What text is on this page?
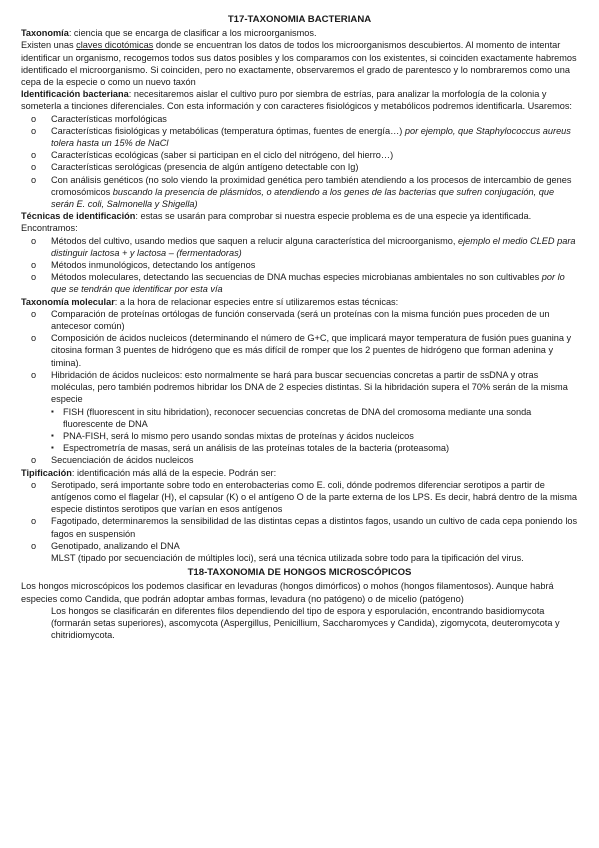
T17-TAXONOMIA BACTERIANA

Taxonomía: ciencia que se encarga de clasificar a los microorganismos.

Existen unas claves dicotómicas donde se encuentran los datos de todos los microorganismos descubiertos. Al momento de intentar identificar un organismo, recogemos todos sus datos posibles y los comparamos con los existentes, si coinciden exactamente habremos identificado el microorganismo. Si coinciden, pero no exactamente, observaremos el grado de parentesco y lo nombraremos como una cepa de la especie o como un nuevo taxón

Identificación bacteriana: necesitaremos aislar el cultivo puro por siembra de estrías, para analizar la morfología de la colonia y someterla a tinciones diferenciales. Con esta información y con caracteres fisiológicos y metabólicos podremos identificarla. Usaremos:

o Características morfológicas
o Características fisiológicas y metabólicas (temperatura óptimas, fuentes de energía…) por ejemplo, que Staphylococcus aureus tolera hasta un 15% de NaCl
o Características ecológicas (saber si participan en el ciclo del nitrógeno, del hierro…)
o Características serológicas (presencia de algún antígeno detectable con Ig)
o Con análisis genéticos (no solo viendo la proximidad genética pero también atendiendo a los procesos de intercambio de genes cromosómicos buscando la presencia de plásmidos, o atendiendo a los genes de las bacterias que sufren conjugación, que serán E. coli, Salmonella y Shigella)

Técnicas de identificación: estas se usarán para comprobar si nuestra especie problema es de una especie ya identificada. Encontramos:

o Métodos del cultivo, usando medios que saquen a relucir alguna característica del microorganismo, ejemplo el medio CLED para distinguir lactosa + y lactosa – (fermentadoras)
o Métodos inmunológicos, detectando los antígenos
o Métodos moleculares, detectando las secuencias de DNA muchas especies microbianas ambientales no son cultivables por lo que se tendrán que identificar por esta vía

Taxonomía molecular: a la hora de relacionar especies entre sí utilizaremos estas técnicas:

o Comparación de proteínas ortólogas de función conservada (será un proteínas con la misma función pues proceden de un antecesor común)
o Composición de ácidos nucleicos (determinando el número de G+C, que implicará mayor temperatura de fusión pues guanina y citosina forman 3 puentes de hidrógeno que es más difícil de romper que los 2 puentes de hidrógeno que forman adenina y timina).
o Hibridación de ácidos nucleicos: esto normalmente se hará para buscar secuencias concretas a partir de ssDNA y otras moléculas, pero también podremos hibridar los DNA de 2 especies distintas. Si la hibridación supera el 70% serán de la misma especie
▪ FISH (fluorescent in situ hibridation), reconocer secuencias concretas de DNA del cromosoma mediante una sonda fluorescente de DNA
▪ PNA-FISH, será lo mismo pero usando sondas mixtas de proteínas y ácidos nucleicos
▪ Espectrometría de masas, será un análisis de las proteínas totales de la bacteria (proteasoma)
o Secuenciación de ácidos nucleicos

Tipificación: identificación más allá de la especie. Podrán ser:

o Serotipado, será importante sobre todo en enterobacterias como E. coli, dónde podremos diferenciar serotipos a partir de antígenos como el flagelar (H), el capsular (K) o el antígeno O de la parte externa de los LPS. Es decir, habrá dentro de la misma especie distintos serotipos que varían en esos antígenos
o Fagotipado, determinaremos la sensibilidad de las distintas cepas a distintos fagos, usando un cultivo de cada cepa poniendo los fagos en suspensión
o Genotipado, analizando el DNA

MLST (tipado por secuenciación de múltiples loci), será una técnica utilizada sobre todo para la tipificación del virus.

T18-TAXONOMIA DE HONGOS MICROSCÓPICOS

Los hongos microscópicos los podemos clasificar en levaduras (hongos dimórficos) o mohos (hongos filamentosos). Aunque habrá especies como Candida, que podrán adoptar ambas formas, levadura (no patógeno) o de micelio (patógeno)

Los hongos se clasificarán en diferentes filos dependiendo del tipo de espora y esporulación, encontrando basidiomycota (formarán setas superiores), ascomycota (Aspergillus, Penicillium, Saccharomyces y Candida), zigomycota, deuteromycota y chitridiomycota.
